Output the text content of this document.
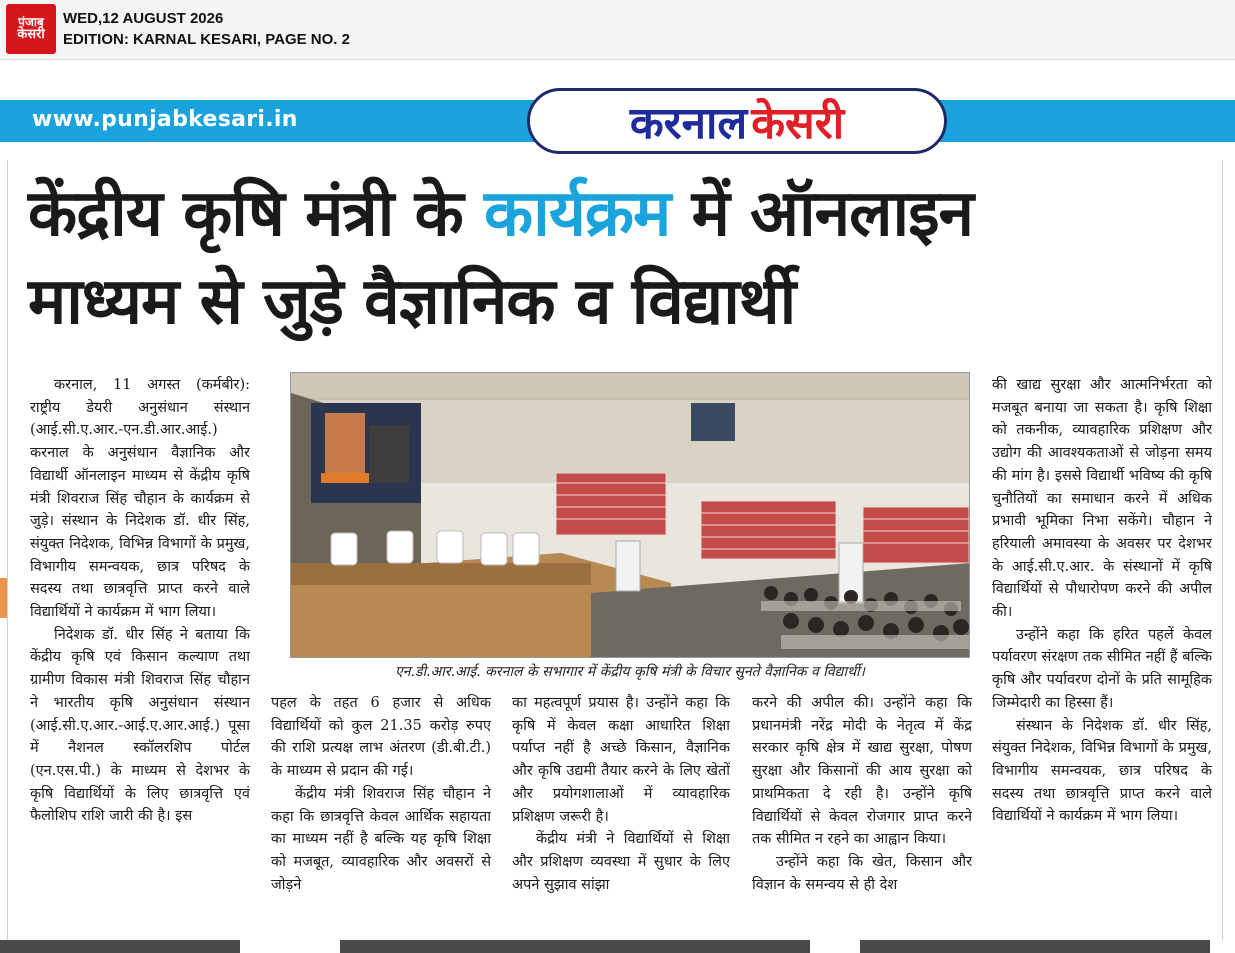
पंजाब
केसरी
WED,12 AUGUST 2026
EDITION: KARNAL KESARI, PAGE NO. 2
www.punjabkesari.in	करनाल केसरी
केंद्रीय कृषि मंत्री के कार्यक्रम में ऑनलाइन
माध्यम से जुड़े वैज्ञानिक व विद्यार्थी

करनाल, 11 अगस्त (कर्मबीर): राष्ट्रीय डेयरी अनुसंधान संस्थान (आई.सी.ए.आर.-एन.डी.आर.आई.) करनाल के अनुसंधान वैज्ञानिक और विद्यार्थी ऑनलाइन माध्यम से केंद्रीय कृषि मंत्री शिवराज सिंह चौहान के कार्यक्रम से जुड़े। संस्थान के निदेशक डॉ. धीर सिंह, संयुक्त निदेशक, विभिन्न विभागों के प्रमुख, विभागीय समन्वयक, छात्र परिषद के सदस्य तथा छात्रवृत्ति प्राप्त करने वाले विद्यार्थियों ने कार्यक्रम में भाग लिया।

निदेशक डॉ. धीर सिंह ने बताया कि केंद्रीय कृषि एवं किसान कल्याण तथा ग्रामीण विकास मंत्री शिवराज सिंह चौहान ने भारतीय कृषि अनुसंधान संस्थान (आई.सी.ए.आर.-आई.ए.आर.आई.) पूसा में नैशनल स्कॉलरशिप पोर्टल (एन.एस.पी.) के माध्यम से देशभर के कृषि विद्यार्थियों के लिए छात्रवृत्ति एवं फैलोशिप राशि जारी की है। इस

एन.डी.आर.आई. करनाल के सभागार में केंद्रीय कृषि मंत्री के विचार सुनते वैज्ञानिक व विद्यार्थी।

पहल के तहत 6 हजार से अधिक विद्यार्थियों को कुल 21.35 करोड़ रुपए की राशि प्रत्यक्ष लाभ अंतरण (डी.बी.टी.) के माध्यम से प्रदान की गई।

केंद्रीय मंत्री शिवराज सिंह चौहान ने कहा कि छात्रवृत्ति केवल आर्थिक सहायता का माध्यम नहीं है बल्कि यह कृषि शिक्षा को मजबूत, व्यावहारिक और अवसरों से जोड़ने

का महत्वपूर्ण प्रयास है। उन्होंने कहा कि कृषि में केवल कक्षा आधारित शिक्षा पर्याप्त नहीं है अच्छे किसान, वैज्ञानिक और कृषि उद्यमी तैयार करने के लिए खेतों और प्रयोगशालाओं में व्यावहारिक प्रशिक्षण जरूरी है।

केंद्रीय मंत्री ने विद्यार्थियों से शिक्षा और प्रशिक्षण व्यवस्था में सुधार के लिए अपने सुझाव सांझा

करने की अपील की। उन्होंने कहा कि प्रधानमंत्री नरेंद्र मोदी के नेतृत्व में केंद्र सरकार कृषि क्षेत्र में खाद्य सुरक्षा, पोषण सुरक्षा और किसानों की आय सुरक्षा को प्राथमिकता दे रही है। उन्होंने कृषि विद्यार्थियों से केवल रोजगार प्राप्त करने तक सीमित न रहने का आह्वान किया।

उन्होंने कहा कि खेत, किसान और विज्ञान के समन्वय से ही देश

की खाद्य सुरक्षा और आत्मनिर्भरता को मजबूत बनाया जा सकता है। कृषि शिक्षा को तकनीक, व्यावहारिक प्रशिक्षण और उद्योग की आवश्यकताओं से जोड़ना समय की मांग है। इससे विद्यार्थी भविष्य की कृषि चुनौतियों का समाधान करने में अधिक प्रभावी भूमिका निभा सकेंगे। चौहान ने हरियाली अमावस्या के अवसर पर देशभर के आई.सी.ए.आर. के संस्थानों में कृषि विद्यार्थियों से पौधारोपण करने की अपील की।

उन्होंने कहा कि हरित पहलें केवल पर्यावरण संरक्षण तक सीमित नहीं हैं बल्कि कृषि और पर्यावरण दोनों के प्रति सामूहिक जिम्मेदारी का हिस्सा हैं।

संस्थान के निदेशक डॉ. धीर सिंह, संयुक्त निदेशक, विभिन्न विभागों के प्रमुख, विभागीय समन्वयक, छात्र परिषद के सदस्य तथा छात्रवृत्ति प्राप्त करने वाले विद्यार्थियों ने कार्यक्रम में भाग लिया।
